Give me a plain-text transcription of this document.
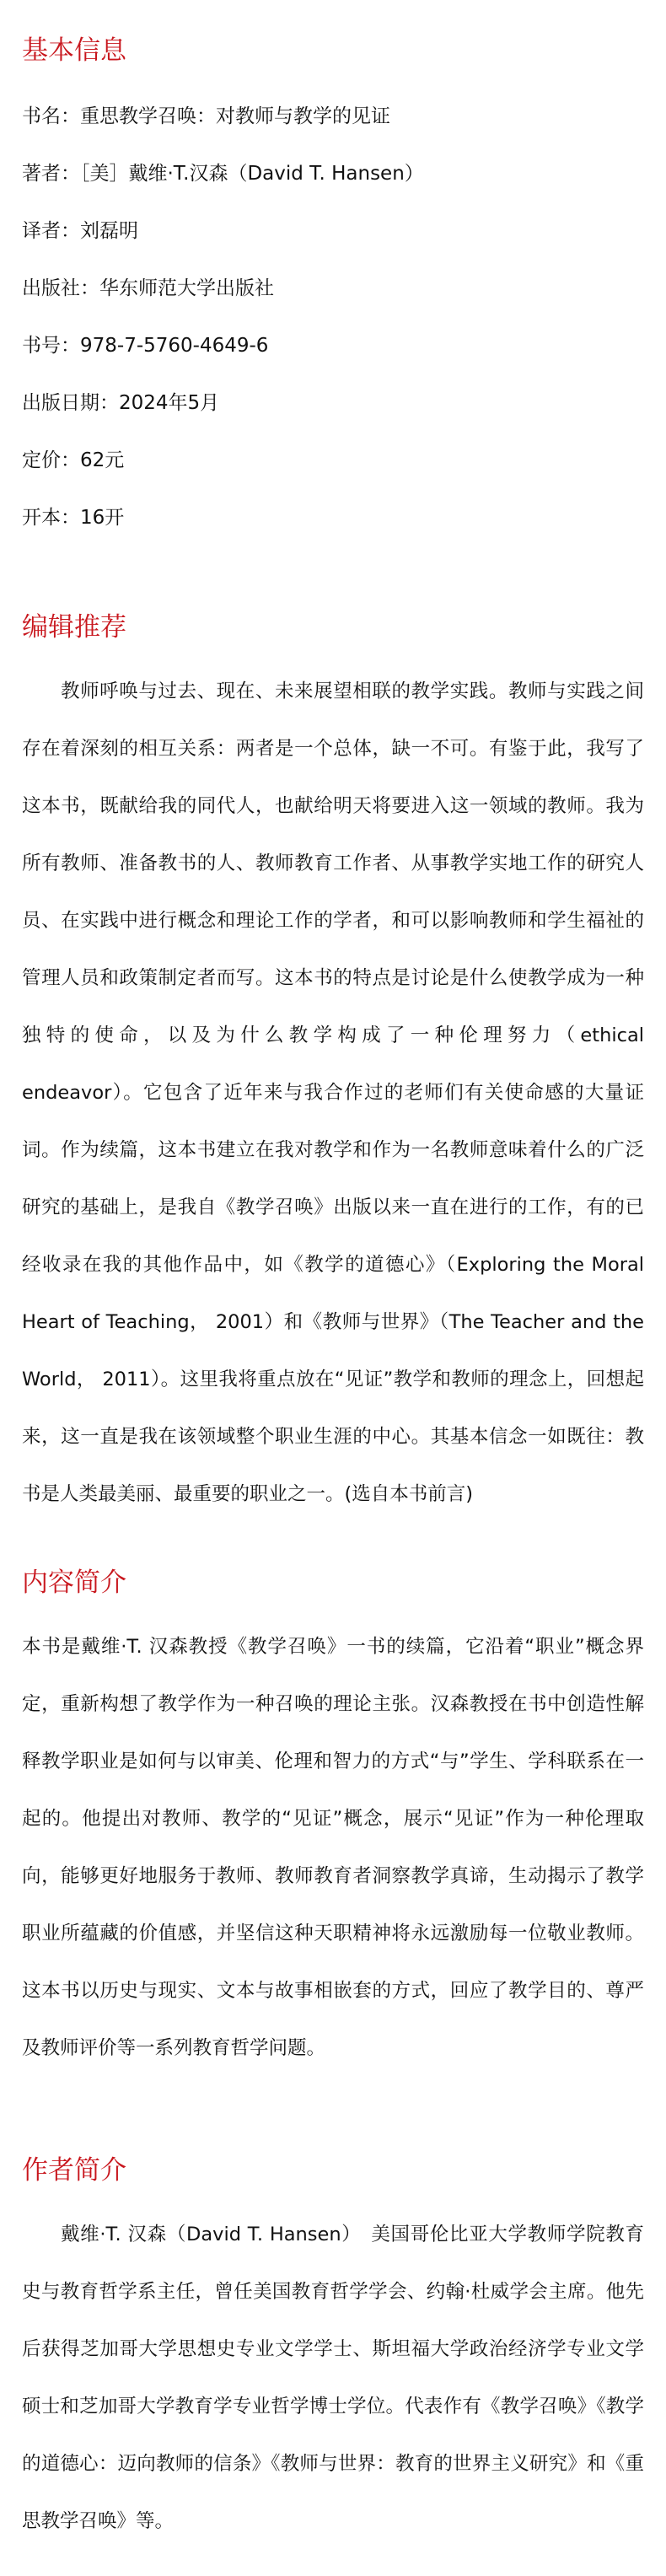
基本信息
书名：重思教学召唤：对教师与教学的见证
著者：［美］戴维·T.汉森（David T. Hansen）
译者：刘磊明
出版社：华东师范大学出版社
书号：978-7-5760-4649-6
出版日期：2024年5月
定价：62元
开本：16开
编辑推荐

教师呼唤与过去、现在、未来展望相联的教学实践。教师与实践之间存在着深刻的相互关系：两者是一个总体，缺一不可。有鉴于此，我写了这本书，既献给我的同代人，也献给明天将要进入这一领域的教师。我为所有教师、准备教书的人、教师教育工作者、从事教学实地工作的研究人员、在实践中进行概念和理论工作的学者，和可以影响教师和学生福祉的管理人员和政策制定者而写。这本书的特点是讨论是什么使教学成为一种独特的使命，以及为什么教学构成了一种伦理努力（ethical endeavor）。它包含了近年来与我合作过的老师们有关使命感的大量证词。作为续篇，这本书建立在我对教学和作为一名教师意味着什么的广泛研究的基础上，是我自《教学召唤》出版以来一直在进行的工作，有的已经收录在我的其他作品中，如《教学的道德心》（Exploring the Moral Heart of Teaching， 2001）和《教师与世界》（The Teacher and the World， 2011）。这里我将重点放在“见证”教学和教师的理念上，回想起来，这一直是我在该领域整个职业生涯的中心。其基本信念一如既往：教书是人类最美丽、最重要的职业之一。(选自本书前言)

内容简介

本书是戴维·T. 汉森教授《教学召唤》一书的续篇，它沿着“职业”概念界定，重新构想了教学作为一种召唤的理论主张。汉森教授在书中创造性解释教学职业是如何与以审美、伦理和智力的方式“与”学生、学科联系在一起的。他提出对教师、教学的“见证”概念，展示“见证”作为一种伦理取向，能够更好地服务于教师、教师教育者洞察教学真谛，生动揭示了教学职业所蕴藏的价值感，并坚信这种天职精神将永远激励每一位敬业教师。这本书以历史与现实、文本与故事相嵌套的方式，回应了教学目的、尊严及教师评价等一系列教育哲学问题。

作者简介

戴维·T. 汉森（David T. Hansen）　美国哥伦比亚大学教师学院教育史与教育哲学系主任，曾任美国教育哲学学会、约翰·杜威学会主席。他先后获得芝加哥大学思想史专业文学学士、斯坦福大学政治经济学专业文学硕士和芝加哥大学教育学专业哲学博士学位。代表作有《教学召唤》《教学的道德心：迈向教师的信条》《教师与世界：教育的世界主义研究》和《重思教学召唤》等。
